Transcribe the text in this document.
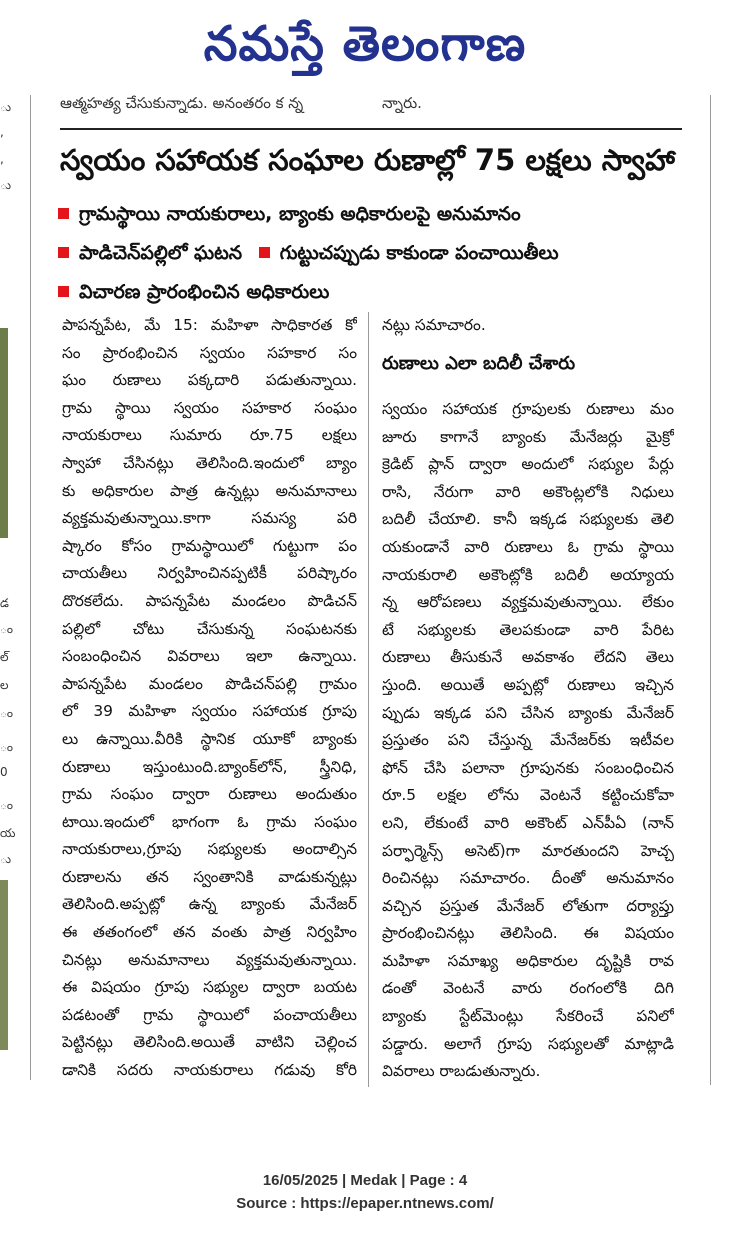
నమస్తే తెలంగాణ
ఆత్మహత్య చేసుకున్నాడు. అనంతరం క న్న	న్నారు.
ు
,
,
ు
డ
ం
ల్
ల
ం
ం
0
ం
య
ు
స్వయం సహాయక సంఘాల రుణాల్లో 75 లక్షలు స్వాహా
గ్రామస్థాయి నాయకురాలు, బ్యాంకు అధికారులపై అనుమానం
పాడిచెన్‌పల్లిలో ఘటన గుట్టుచప్పుడు కాకుండా పంచాయితీలు
విచారణ ప్రారంభించిన అధికారులు
పాపన్నపేట, మే 15: మహిళా సాధికారత కో
సం ప్రారంభించిన స్వయం సహకార సం
ఘం రుణాలు పక్కదారి పడుతున్నాయి.
గ్రామ స్థాయి స్వయం సహకార సంఘం
నాయకురాలు సుమారు రూ.75 లక్షలు
స్వాహా చేసినట్లు తెలిసింది.ఇందులో బ్యాం
కు అధికారుల పాత్ర ఉన్నట్లు అనుమానాలు
వ్యక్తమవుతున్నాయి.కాగా సమస్య పరి
ష్కారం కోసం గ్రామస్థాయిలో గుట్టుగా పం
చాయతీలు నిర్వహించినప్పటికీ పరిష్కారం
దొరకలేదు. పాపన్నపేట మండలం పొడిచన్
పల్లిలో చోటు చేసుకున్న సంఘటనకు
సంబంధించిన వివరాలు ఇలా ఉన్నాయి.
పాపన్నపేట మండలం పొడిచన్‌పల్లి గ్రామం
లో 39 మహిళా స్వయం సహాయక గ్రూపు
లు ఉన్నాయి.వీరికి స్థానిక యూకో బ్యాంకు
రుణాలు ఇస్తుంటుంది.బ్యాంక్‌లోన్, స్త్రీనిధి,
గ్రామ సంఘం ద్వారా రుణాలు అందుతుం
టాయి.ఇందులో భాగంగా ఓ గ్రామ సంఘం
నాయకురాలు,గ్రూపు సభ్యులకు అందాల్సిన
రుణాలను తన స్వంతానికి వాడుకున్నట్లు
తెలిసింది.అప్పట్లో ఉన్న బ్యాంకు మేనేజర్
ఈ తతంగంలో తన వంతు పాత్ర నిర్వహిం
చినట్లు అనుమానాలు వ్యక్తమవుతున్నాయి.
ఈ విషయం గ్రూపు సభ్యుల ద్వారా బయట
పడటంతో గ్రామ స్థాయిలో పంచాయతీలు
పెట్టినట్లు తెలిసింది.అయితే వాటిని చెల్లించ
డానికి సదరు నాయకురాలు గడువు కోరి
నట్లు సమాచారం.
రుణాలు ఎలా బదిలీ చేశారు
స్వయం సహాయక గ్రూపులకు రుణాలు మం
జూరు కాగానే బ్యాంకు మేనేజర్లు మైక్రో
క్రెడిట్ ప్లాన్ ద్వారా అందులో సభ్యుల పేర్లు
రాసి, నేరుగా వారి అకౌంట్లలోకి నిధులు
బదిలీ చేయాలి. కానీ ఇక్కడ సభ్యులకు తెలి
యకుండానే వారి రుణాలు ఓ గ్రామ స్థాయి
నాయకురాలి అకౌంట్లోకి బదిలీ అయ్యాయ
న్న ఆరోపణలు వ్యక్తమవుతున్నాయి. లేకుం
టే సభ్యులకు తెలపకుండా వారి పేరిట
రుణాలు తీసుకునే అవకాశం లేదని తెలు
స్తుంది. అయితే అప్పట్లో రుణాలు ఇచ్చిన
ప్పుడు ఇక్కడ పని చేసిన బ్యాంకు మేనేజర్
ప్రస్తుతం పని చేస్తున్న మేనేజర్‌కు ఇటీవల
ఫోన్ చేసి పలానా గ్రూపునకు సంబంధించిన
రూ.5 లక్షల లోను వెంటనే కట్టించుకోవా
లని, లేకుంటే వారి అకౌంట్ ఎన్‌పీఏ (నాన్
పర్ఫార్మెన్స్ అసెట్)గా మారతుందని హెచ్చ
రించినట్లు సమాచారం. దీంతో అనుమానం
వచ్చిన ప్రస్తుత మేనేజర్ లోతుగా దర్యాప్తు
ప్రారంభించినట్లు తెలిసింది. ఈ విషయం
మహిళా సమాఖ్య అధికారుల దృష్టికి రావ
డంతో వెంటనే వారు రంగంలోకి దిగి
బ్యాంకు స్టేట్‌మెంట్లు సేకరించే పనిలో
పడ్డారు. అలాగే గ్రూపు సభ్యులతో మాట్లాడి
వివరాలు రాబడుతున్నారు.
16/05/2025 | Medak | Page : 4
Source : https://epaper.ntnews.com/
